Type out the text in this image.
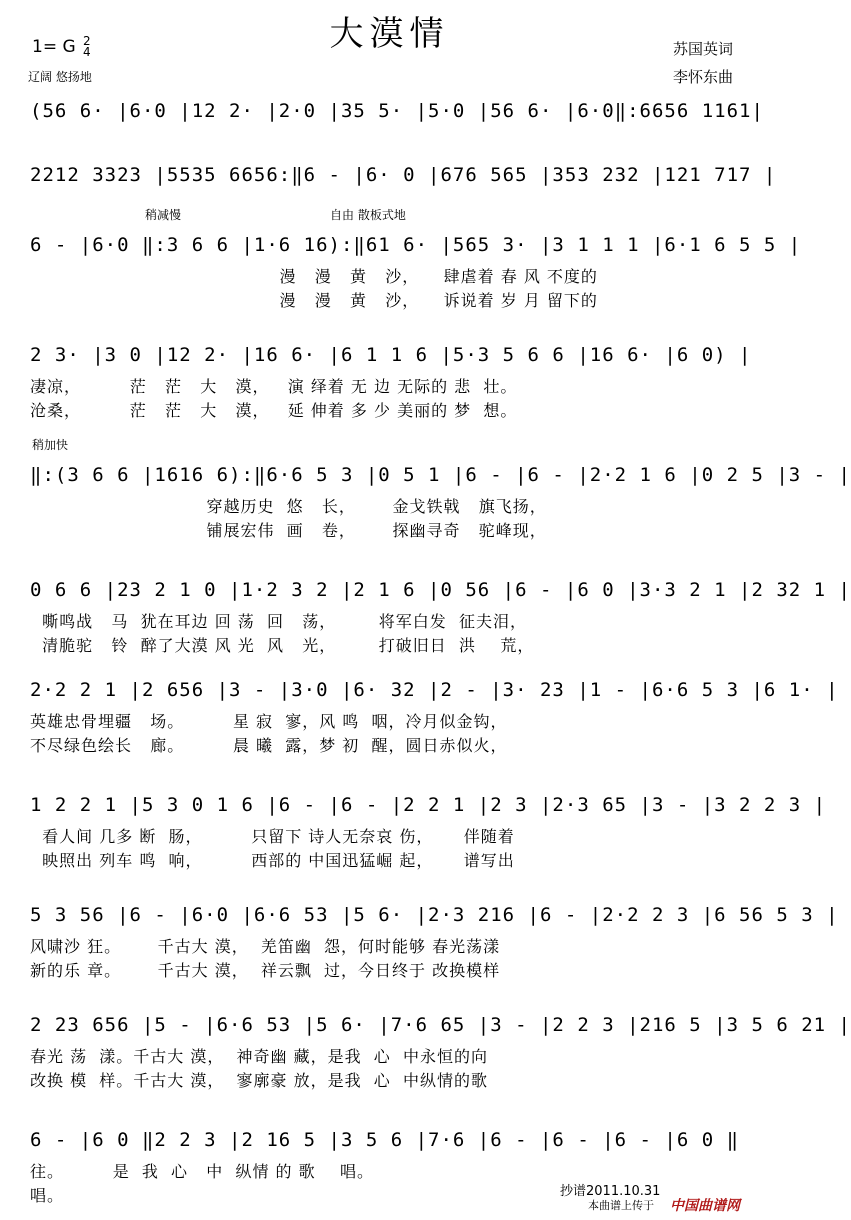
大漠情
1= G 2
4
辽阔 悠扬地
苏国英词
李怀东曲
(56 6· |6·0 |12 2· |2·0 |35 5· |5·0 |56 6· |6·0‖:6656 1161|
2212 3323 |5535 6656:‖6 - |6· 0 |676 565 |353 232 |121 717 |
6 - |6·0 ‖:3 6 6 |1·6 16):‖61 6· |565 3· |3 1 1 1 |6·1 6 5 5 |
稍减慢	自由 散板式地
漫   漫   黄   沙，    肆虐着 春 风 不度的
漫   漫   黄   沙，    诉说着 岁 月 留下的
2 3· |3 0 |12 2· |16 6· |6 1 1 6 |5·3 5 6 6 |16 6· |6 0) |
凄凉，        茫   茫   大   漠，   演 绎着 无 边 无际的 悲  壮。
沧桑，        茫   茫   大   漠，   延 伸着 多 少 美丽的 梦  想。
‖:(3 6 6 |1616 6):‖6·6 5 3 |0 5 1 |6 - |6 - |2·2 1 6 |0 2 5 |3 - |
稍加快
穿越历史  悠   长，      金戈铁戟   旗飞扬，
铺展宏伟  画   卷，      探幽寻奇   驼峰现，
0 6 6 |23 2 1 0 |1·2 3 2 |2 1 6 |0 56 |6 - |6 0 |3·3 2 1 |2 32 1 |
嘶鸣战   马  犹在耳边 回 荡  回   荡，       将军白发  征夫泪，
清脆驼   铃  醉了大漠 风 光  风   光，       打破旧日  洪    荒，
2·2 2 1 |2 656 |3 - |3·0 |6· 32 |2 - |3· 23 |1 - |6·6 5 3 |6 1· |
英雄忠骨埋疆   场。        星 寂  寥，风 鸣  咽，冷月似金钩，
不尽绿色绘长   廊。        晨 曦  露，梦 初  醒，圆日赤似火，
1 2 2 1 |5 3 0 1 6 |6 - |6 - |2 2 1 |2 3 |2·3 65 |3 - |3 2 2 3 |
看人间 几多 断  肠，        只留下 诗人无奈哀 伤，     伴随着
映照出 列车 鸣  响，        西部的 中国迅猛崛 起，     谱写出
5 3 56 |6 - |6·0 |6·6 53 |5 6· |2·3 216 |6 - |2·2 2 3 |6 56 5 3 |
风啸沙 狂。      千古大 漠，  羌笛幽  怨，何时能够 春光荡漾
新的乐 章。      千古大 漠，  祥云飘  过，今日终于 改换模样
2 23 656 |5 - |6·6 53 |5 6· |7·6 65 |3 - |2 2 3 |216 5 |3 5 6 21 |
春光 荡  漾。千古大 漠，  神奇幽 藏，是我  心  中永恒的向
改换 模  样。千古大 漠，  寥廓豪 放，是我  心  中纵情的歌
6 - |6 0 ‖2 2 3 |2 16 5 |3 5 6 |7·6 |6 - |6 - |6 - |6 0 ‖
往。        是  我  心   中  纵情 的 歌    唱。
唱。	抄谱2011.10.31
本曲谱上传于 中国曲谱网
